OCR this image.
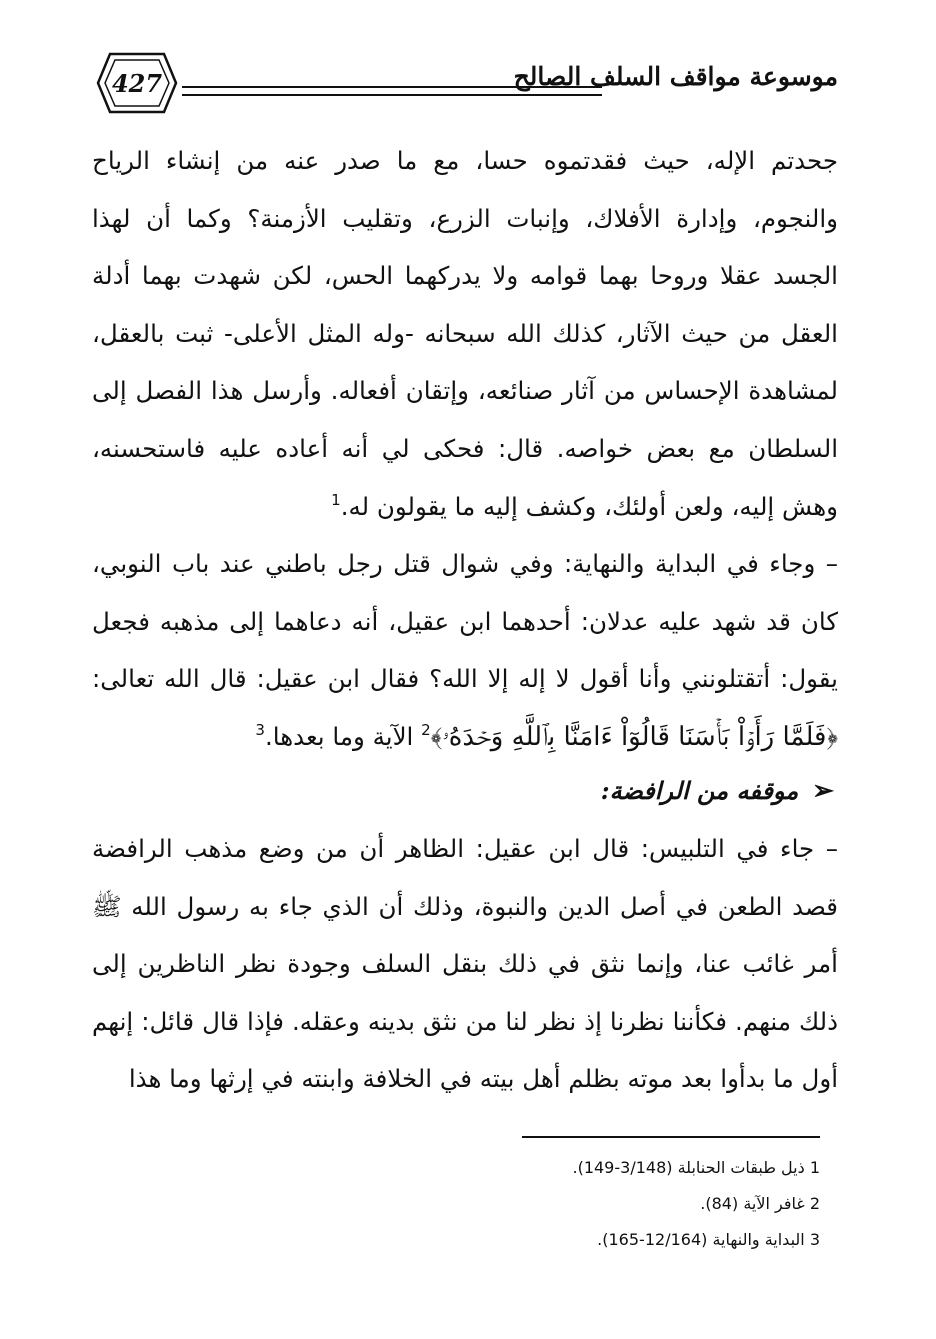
427	موسوعة مواقف السلف الصالح

جحدتم الإله، حيث فقدتموه حسا، مع ما صدر عنه من إنشاء الرياح والنجوم، وإدارة الأفلاك، وإنبات الزرع، وتقليب الأزمنة؟ وكما أن لهذا الجسد عقلا وروحا بهما قوامه ولا يدركهما الحس، لكن شهدت بهما أدلة العقل من حيث الآثار، كذلك الله سبحانه -وله المثل الأعلى- ثبت بالعقل، لمشاهدة الإحساس من آثار صنائعه، وإتقان أفعاله. وأرسل هذا الفصل إلى السلطان مع بعض خواصه. قال: فحكى لي أنه أعاده عليه فاستحسنه، وهش إليه، ولعن أولئك، وكشف إليه ما يقولون له.$^1$

– وجاء في البداية والنهاية: وفي شوال قتل رجل باطني عند باب النوبي، كان قد شهد عليه عدلان: أحدهما ابن عقيل، أنه دعاهما إلى مذهبه فجعل يقول: أتقتلونني وأنا أقول لا إله إلا الله؟ فقال ابن عقيل: قال الله تعالى: ﴿فَلَمَّا رَأَوۡاْ بَأۡسَنَا قَالُوٓاْ ءَامَنَّا بِٱللَّهِ وَحۡدَهُۥ﴾$^2$ الآية وما بعدها.$^3$

➢موقفه من الرافضة:

– جاء في التلبيس: قال ابن عقيل: الظاهر أن من وضع مذهب الرافضة قصد الطعن في أصل الدين والنبوة، وذلك أن الذي جاء به رسول الله ﷺ أمر غائب عنا، وإنما نثق في ذلك بنقل السلف وجودة نظر الناظرين إلى ذلك منهم. فكأننا نظرنا إذ نظر لنا من نثق بدينه وعقله. فإذا قال قائل: إنهم أول ما بدأوا بعد موته بظلم أهل بيته في الخلافة وابنته في إرثها وما هذا

1 ذيل طبقات الحنابلة (3/148-149).
2 غافر الآية (84).
3 البداية والنهاية (12/164-165).
